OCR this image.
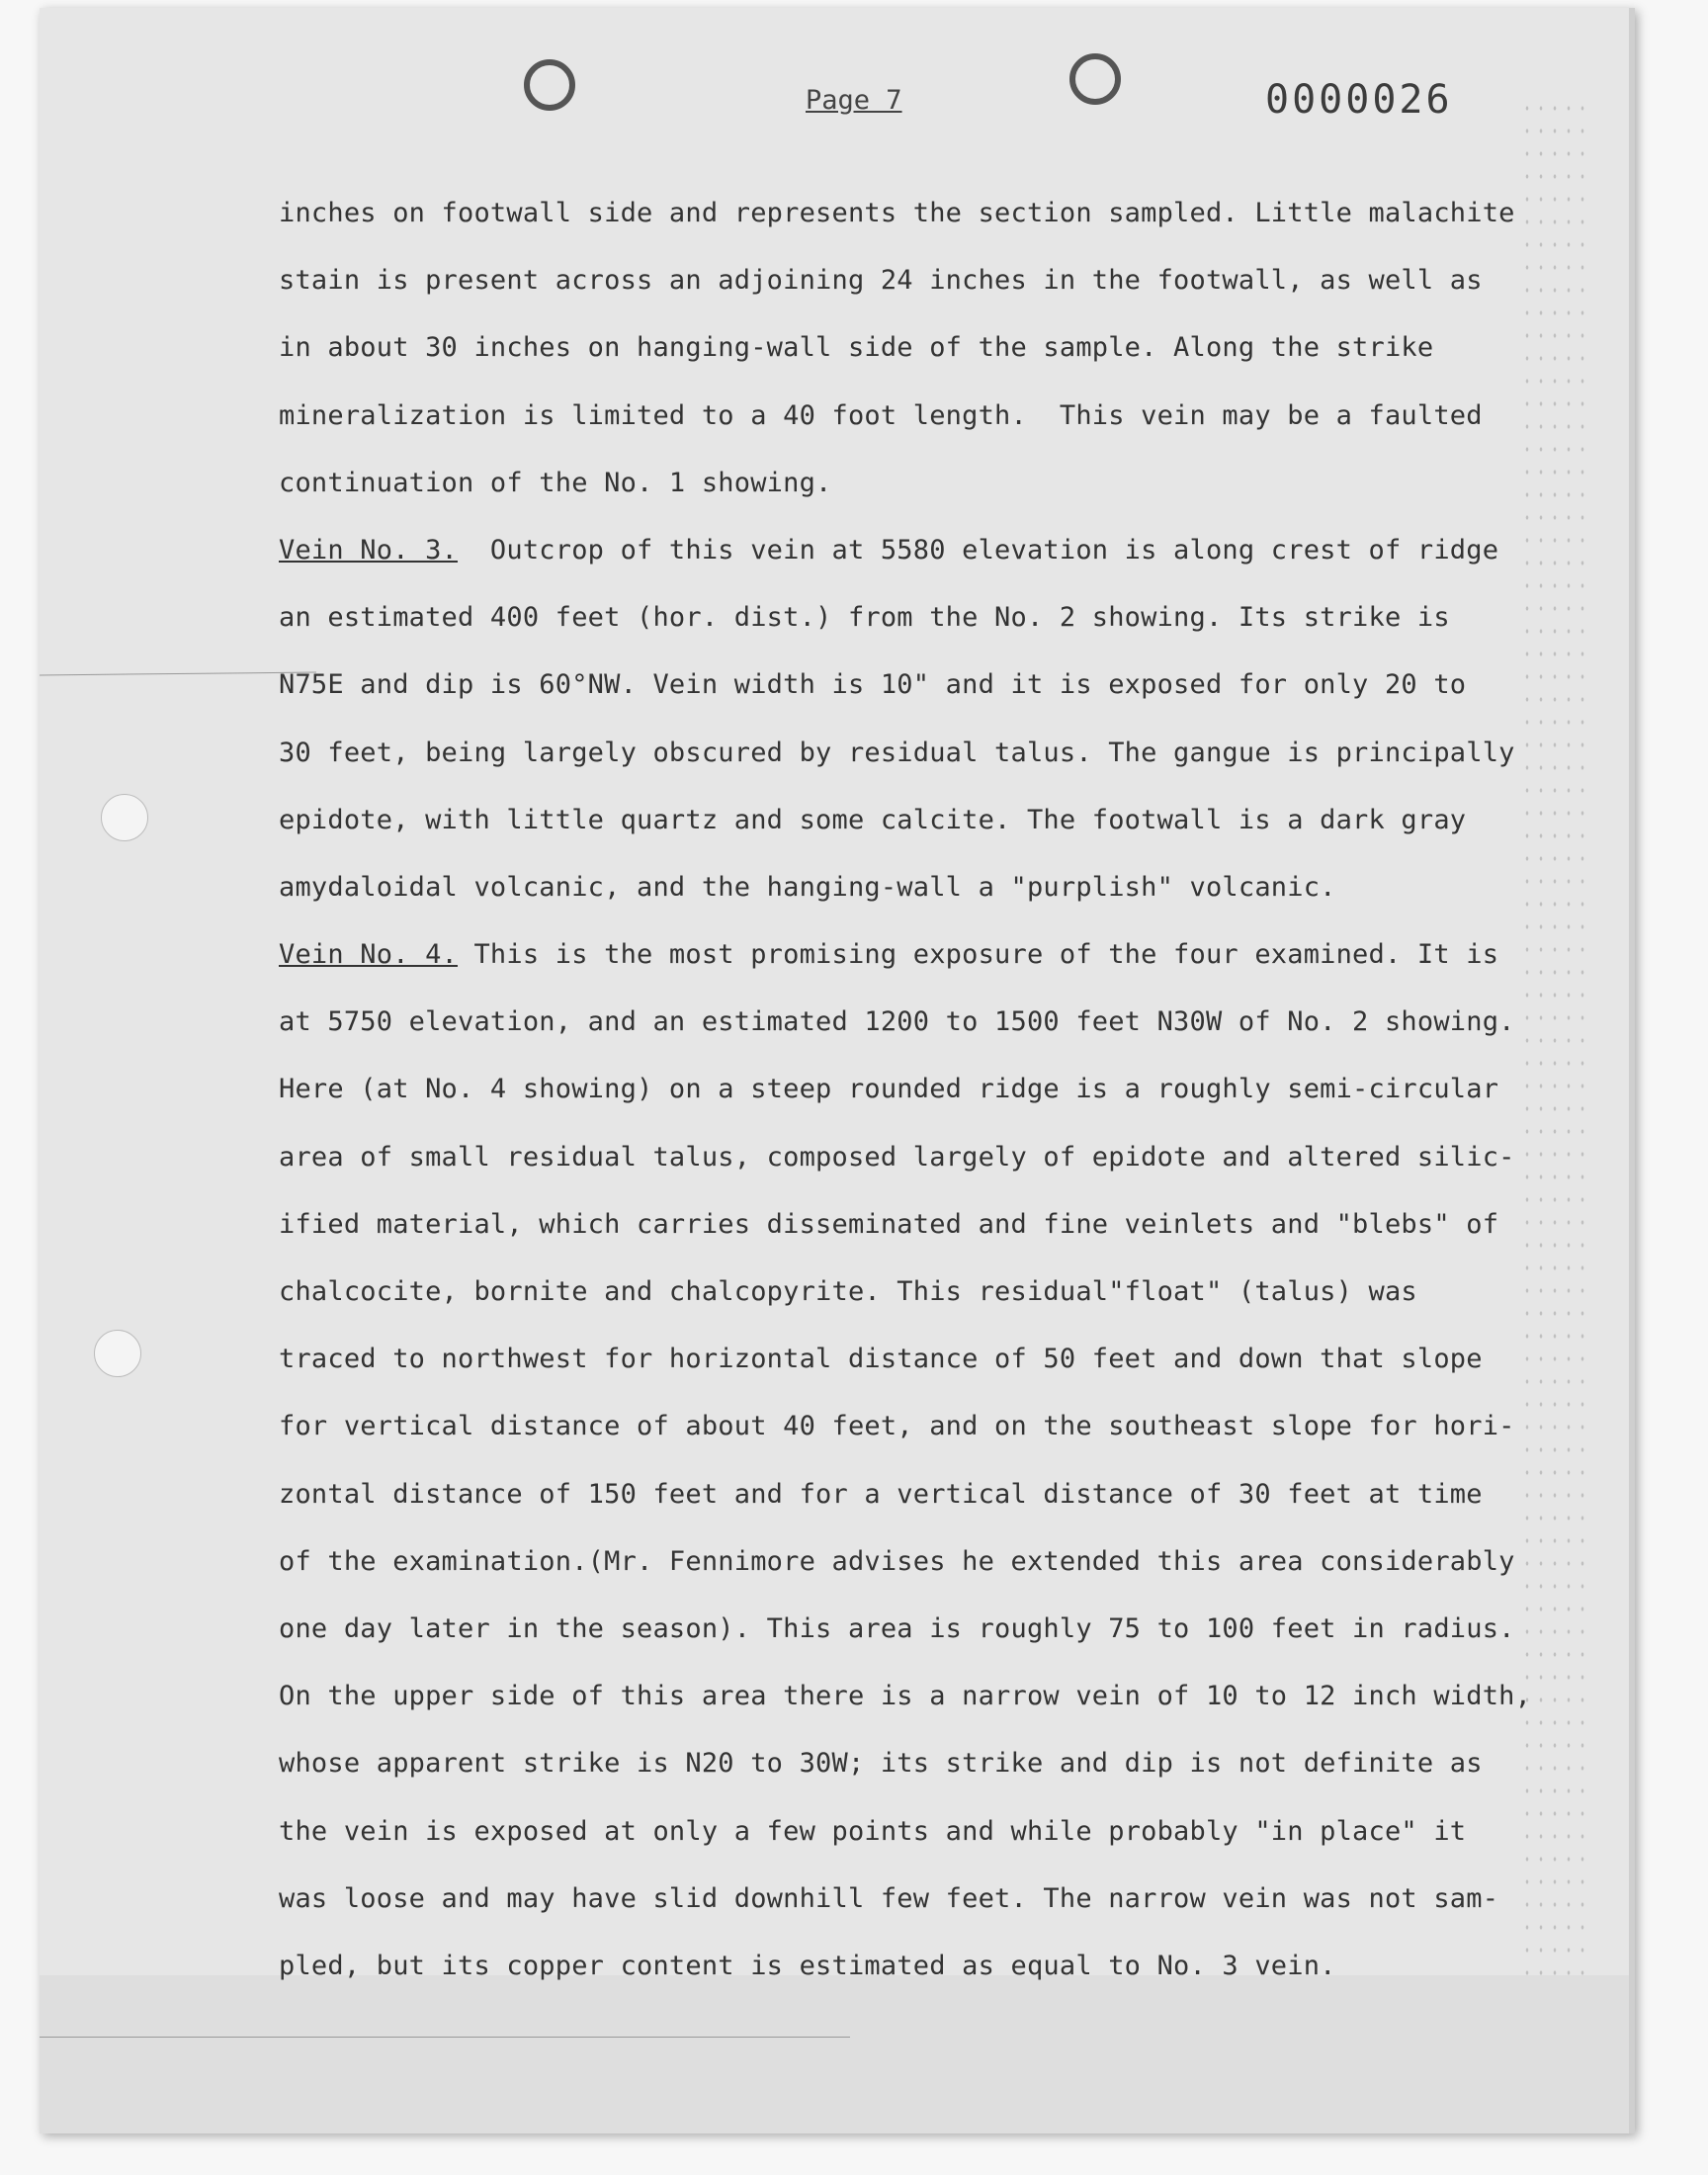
Page 7	0000026
inches on footwall side and represents the section sampled. Little malachite
stain is present across an adjoining 24 inches in the footwall, as well as
in about 30 inches on hanging-wall side of the sample. Along the strike
mineralization is limited to a 40 foot length.  This vein may be a faulted
continuation of the No. 1 showing.
Vein No. 3.  Outcrop of this vein at 5580 elevation is along crest of ridge
an estimated 400 feet (hor. dist.) from the No. 2 showing. Its strike is
N75E and dip is 60°NW. Vein width is 10" and it is exposed for only 20 to
30 feet, being largely obscured by residual talus. The gangue is principally
epidote, with little quartz and some calcite. The footwall is a dark gray
amydaloidal volcanic, and the hanging-wall a "purplish" volcanic.
Vein No. 4. This is the most promising exposure of the four examined. It is
at 5750 elevation, and an estimated 1200 to 1500 feet N30W of No. 2 showing.
Here (at No. 4 showing) on a steep rounded ridge is a roughly semi-circular
area of small residual talus, composed largely of epidote and altered silic-
ified material, which carries disseminated and fine veinlets and "blebs" of
chalcocite, bornite and chalcopyrite. This residual"float" (talus) was
traced to northwest for horizontal distance of 50 feet and down that slope
for vertical distance of about 40 feet, and on the southeast slope for hori-
zontal distance of 150 feet and for a vertical distance of 30 feet at time
of the examination.(Mr. Fennimore advises he extended this area considerably
one day later in the season). This area is roughly 75 to 100 feet in radius.
On the upper side of this area there is a narrow vein of 10 to 12 inch width,
whose apparent strike is N20 to 30W; its strike and dip is not definite as
the vein is exposed at only a few points and while probably "in place" it
was loose and may have slid downhill few feet. The narrow vein was not sam-
pled, but its copper content is estimated as equal to No. 3 vein.
